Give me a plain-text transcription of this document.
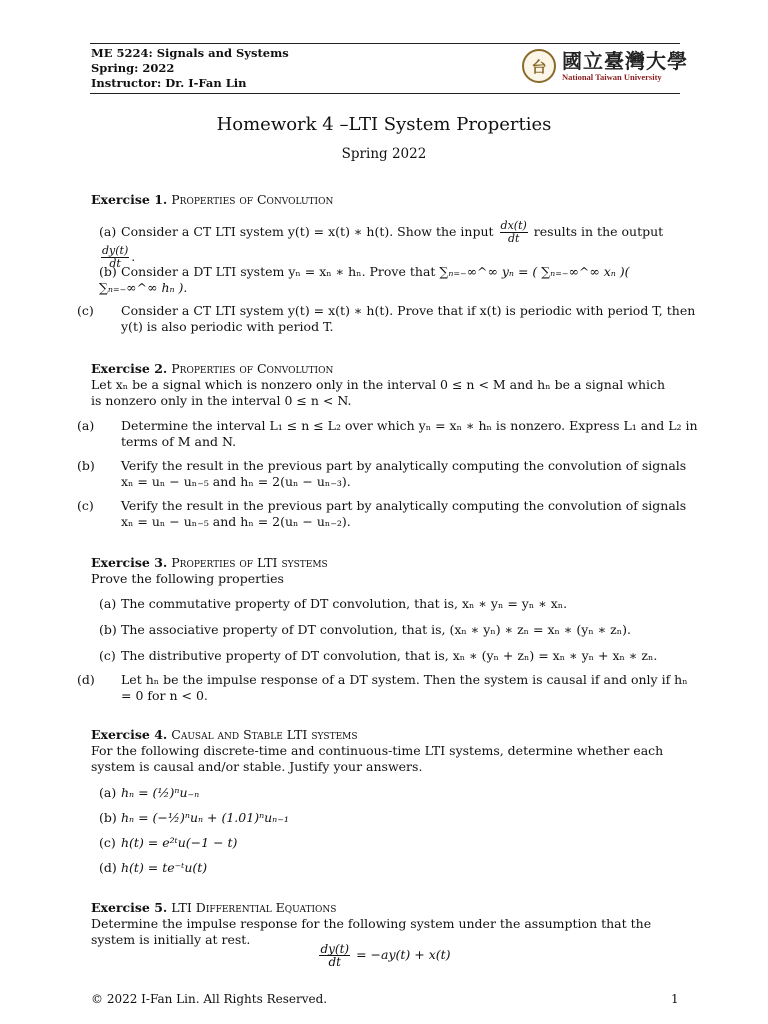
ME 5224: Signals and Systems
Spring: 2022
Instructor: Dr. I-Fan Lin
台 國立臺灣大學
National Taiwan University
Homework 4 –LTI System Properties
Spring 2022
Exercise 1. Properties of Convolution
(a) Consider a CT LTI system y(t) = x(t) ∗ h(t). Show the input $\frac{dx(t)}{dt}$ results in the output
$\frac{dy(t)}{dt}$ .
(b) Consider a DT LTI system yₙ = xₙ ∗ hₙ. Prove that ∑ₙ₌₋∞^∞ yₙ = ( ∑ₙ₌₋∞^∞ xₙ )( ∑ₙ₌₋∞^∞ hₙ ).
(c) Consider a CT LTI system y(t) = x(t) ∗ h(t). Prove that if x(t) is periodic with period T, then y(t) is also periodic with period T.
Exercise 2. Properties of Convolution
Let xₙ be a signal which is nonzero only in the interval 0 ≤ n < M and hₙ be a signal which is nonzero only in the interval 0 ≤ n < N.
(a) Determine the interval L₁ ≤ n ≤ L₂ over which yₙ = xₙ ∗ hₙ is nonzero. Express L₁ and L₂ in terms of M and N.
(b) Verify the result in the previous part by analytically computing the convolution of signals xₙ = uₙ − uₙ₋₅ and hₙ = 2(uₙ − uₙ₋₃).
(c) Verify the result in the previous part by analytically computing the convolution of signals xₙ = uₙ − uₙ₋₅ and hₙ = 2(uₙ − uₙ₋₂).
Exercise 3. Properties of LTI systems
Prove the following properties
(a) The commutative property of DT convolution, that is, xₙ ∗ yₙ = yₙ ∗ xₙ.
(b) The associative property of DT convolution, that is, (xₙ ∗ yₙ) ∗ zₙ = xₙ ∗ (yₙ ∗ zₙ).
(c) The distributive property of DT convolution, that is, xₙ ∗ (yₙ + zₙ) = xₙ ∗ yₙ + xₙ ∗ zₙ.
(d) Let hₙ be the impulse response of a DT system. Then the system is causal if and only if hₙ = 0 for n < 0.
Exercise 4. Causal and Stable LTI systems
For the following discrete-time and continuous-time LTI systems, determine whether each system is causal and/or stable. Justify your answers.
(a) hₙ = (½)ⁿu₋ₙ
(b) hₙ = (−½)ⁿuₙ + (1.01)ⁿuₙ₋₁
(c) h(t) = e²ᵗu(−1 − t)
(d) h(t) = te⁻ᵗu(t)
Exercise 5. LTI Differential Equations
Determine the impulse response for the following system under the assumption that the system is initially at rest.
$\frac{dy(t)}{dt} = -ay(t) + x(t)$
© 2022 I-Fan Lin. All Rights Reserved.	1
